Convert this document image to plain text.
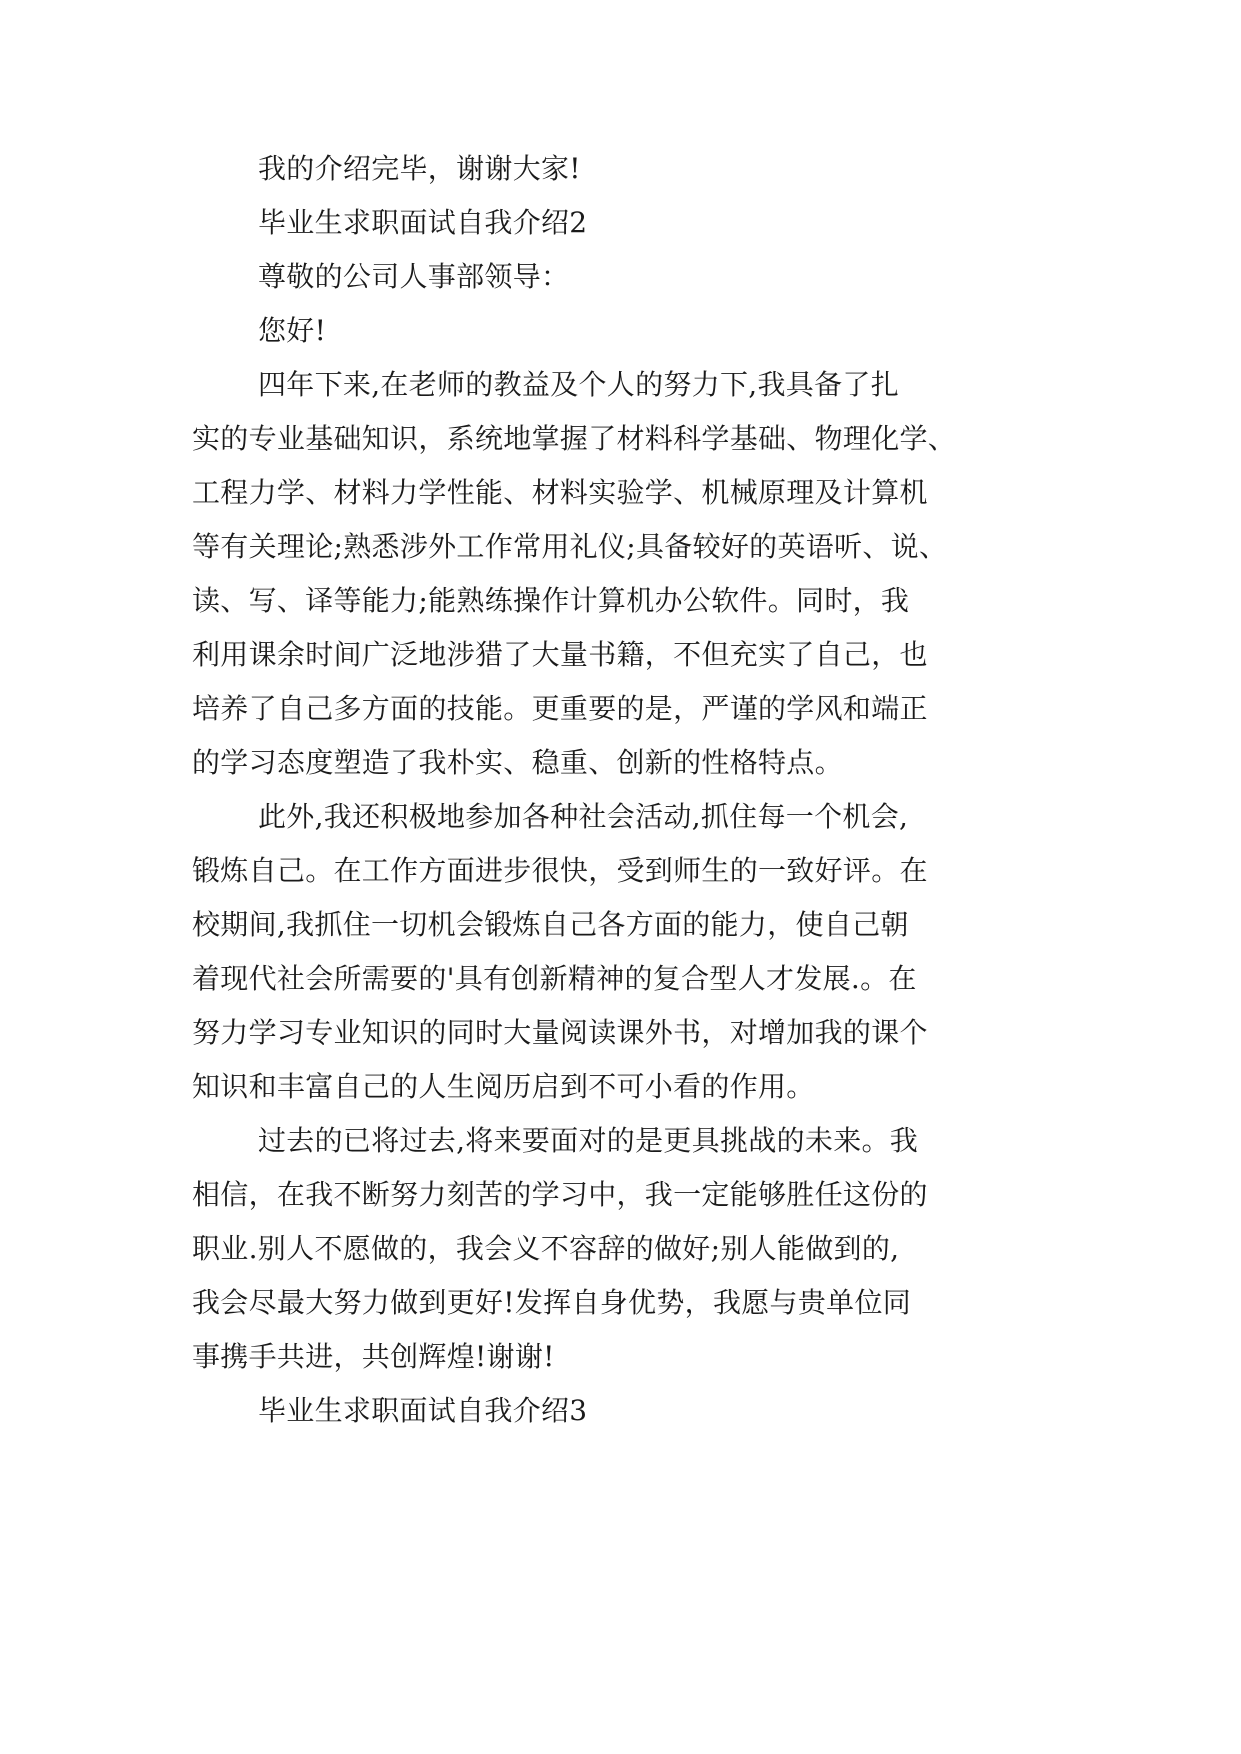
我的介绍完毕，谢谢大家!
毕业生求职面试自我介绍2
尊敬的公司人事部领导：
您好!
四年下来,在老师的教益及个人的努力下,我具备了扎
实的专业基础知识，系统地掌握了材料科学基础、物理化学、
工程力学、材料力学性能、材料实验学、机械原理及计算机
等有关理论;熟悉涉外工作常用礼仪;具备较好的英语听、说、
读、写、译等能力;能熟练操作计算机办公软件。同时，我
利用课余时间广泛地涉猎了大量书籍，不但充实了自己，也
培养了自己多方面的技能。更重要的是，严谨的学风和端正
的学习态度塑造了我朴实、稳重、创新的性格特点。
此外,我还积极地参加各种社会活动,抓住每一个机会,
锻炼自己。在工作方面进步很快，受到师生的一致好评。在
校期间,我抓住一切机会锻炼自己各方面的能力，使自己朝
着现代社会所需要的'具有创新精神的复合型人才发展.。在
努力学习专业知识的同时大量阅读课外书，对增加我的课个
知识和丰富自己的人生阅历启到不可小看的作用。
过去的已将过去,将来要面对的是更具挑战的未来。我
相信，在我不断努力刻苦的学习中，我一定能够胜任这份的
职业.别人不愿做的，我会义不容辞的做好;别人能做到的,
我会尽最大努力做到更好!发挥自身优势，我愿与贵单位同
事携手共进，共创辉煌!谢谢!
毕业生求职面试自我介绍3
